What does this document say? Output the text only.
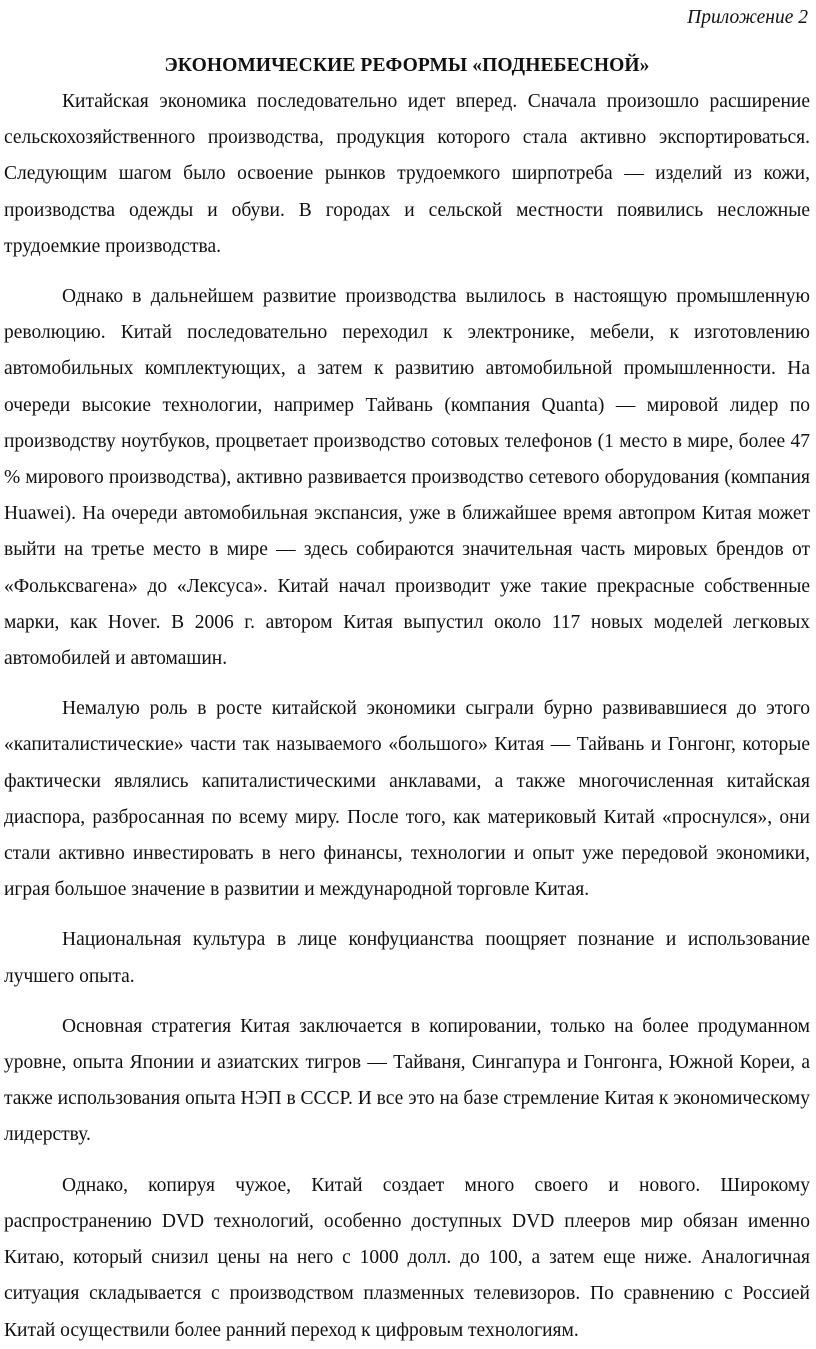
Приложение 2

ЭКОНОМИЧЕСКИЕ РЕФОРМЫ «ПОДНЕБЕСНОЙ»

Китайская экономика последовательно идет вперед. Сначала произошло расширение сельскохозяйственного производства, продукция которого стала активно экспортироваться. Следующим шагом было освоение рынков трудоемкого ширпотреба — изделий из кожи, производства одежды и обуви. В городах и сельской местности появились несложные трудоемкие производства.

Однако в дальнейшем развитие производства вылилось в настоящую промышленную революцию. Китай последовательно переходил к электронике, мебели, к изготовлению автомобильных комплектующих, а затем к развитию автомобильной промышленности. На очереди высокие технологии, например Тайвань (компания Quanta) — мировой лидер по производству ноутбуков, процветает производство сотовых телефонов (1 место в мире, более 47 % мирового производства), активно развивается производство сетевого оборудования (компания Huawei). На очереди автомобильная экспансия, уже в ближайшее время автопром Китая может выйти на третье место в мире — здесь собираются значительная часть мировых брендов от «Фольксвагена» до «Лексуса». Китай начал производит уже такие прекрасные собственные марки, как Hover. В 2006 г. автором Китая выпустил около 117 новых моделей легковых автомобилей и автомашин.

Немалую роль в росте китайской экономики сыграли бурно развивавшиеся до этого «капиталистические» части так называемого «большого» Китая — Тайвань и Гонгонг, которые фактически являлись капиталистическими анклавами, а также многочисленная китайская диаспора, разбросанная по всему миру. После того, как материковый Китай «проснулся», они стали активно инвестировать в него финансы, технологии и опыт уже передовой экономики, играя большое значение в развитии и международной торговле Китая.

Национальная культура в лице конфуцианства поощряет познание и использование лучшего опыта.

Основная стратегия Китая заключается в копировании, только на более продуманном уровне, опыта Японии и азиатских тигров — Тайваня, Сингапура и Гонгонга, Южной Кореи, а также использования опыта НЭП в СССР. И все это на базе стремление Китая к экономическому лидерству.

Однако, копируя чужое, Китай создает много своего и нового. Широкому распространению DVD технологий, особенно доступных DVD плееров мир обязан именно Китаю, который снизил цены на него с 1000 долл. до 100, а затем еще ниже. Аналогичная ситуация складывается с производством плазменных телевизоров. По сравнению с Россией Китай осуществили более ранний переход к цифровым технологиям.
